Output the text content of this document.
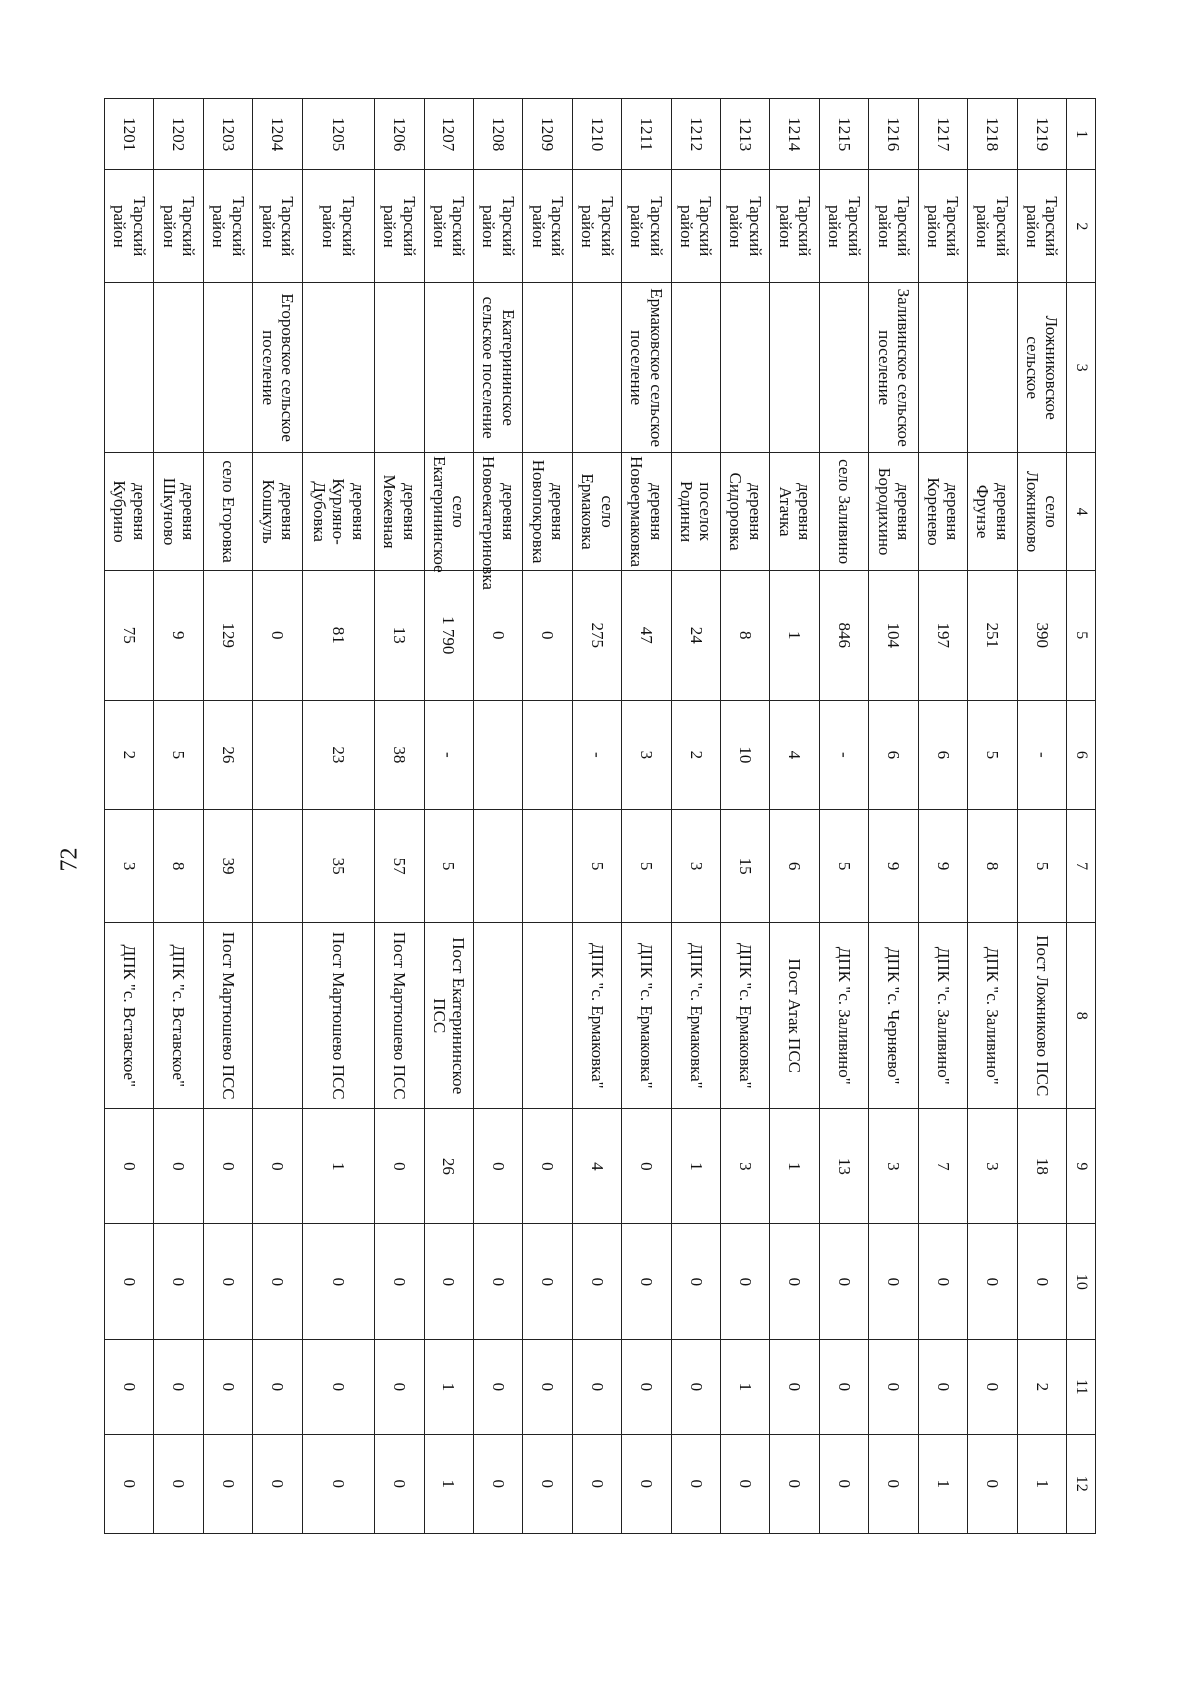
72
1	2	3	4	5	6	7	8	9	10	11	12
1219	Тарский район	Ложниковское сельское	село Ложниково	390	-	5	Пост Ложниково ПСС	18	0	2	1
1218	Тарский район		деревня Фрунзе	251	5	8	ДПК "с. Заливино"	3	0	0	0
1217	Тарский район		деревня Коренево	197	6	9	ДПК "с. Заливино"	7	0	0	1
1216	Тарский район	Заливинское сельское поселение	деревня Бородихино	104	6	9	ДПК "с. Черняево"	3	0	0	0
1215	Тарский район		село Заливино	846	-	5	ДПК "с. Заливино"	13	0	0	0
1214	Тарский район		деревня Атачка	1	4	6	Пост Атак ПСС	1	0	0	0
1213	Тарский район		деревня Сидоровка	8	10	15	ДПК "с. Ермаковка"	3	0	1	0
1212	Тарский район		поселок Родинки	24	2	3	ДПК "с. Ермаковка"	1	0	0	0
1211	Тарский район	Ермаковское сельское поселение	деревня Новоермаковка	47	3	5	ДПК "с. Ермаковка"	0	0	0	0
1210	Тарский район		село Ермаковка	275	-	5	ДПК "с. Ермаковка"	4	0	0	0
1209	Тарский район		деревня Новопокровка	0				0	0	0	0
1208	Тарский район	Екатерининское сельское поселение	деревня Новоекатериновка	0				0	0	0	0
1207	Тарский район		село Екатерининское	1 790	-	5	Пост Екатерининское ПСС	26	0	1	1
1206	Тарский район		деревня Межевная	13	38	57	Пост Мартюшево ПСС	0	0	0	0
1205	Тарский район		деревня Курляно-Дубовка	81	23	35	Пост Мартюшево ПСС	1	0	0	0
1204	Тарский район	Егоровское сельское поселение	деревня Кошкуль	0				0	0	0	0
1203	Тарский район		село Егоровка	129	26	39	Пост Мартюшево ПСС	0	0	0	0
1202	Тарский район		деревня Шкуново	9	5	8	ДПК "с. Вставское"	0	0	0	0
1201	Тарский район		деревня Кубрино	75	2	3	ДПК "с. Вставское"	0	0	0	0
